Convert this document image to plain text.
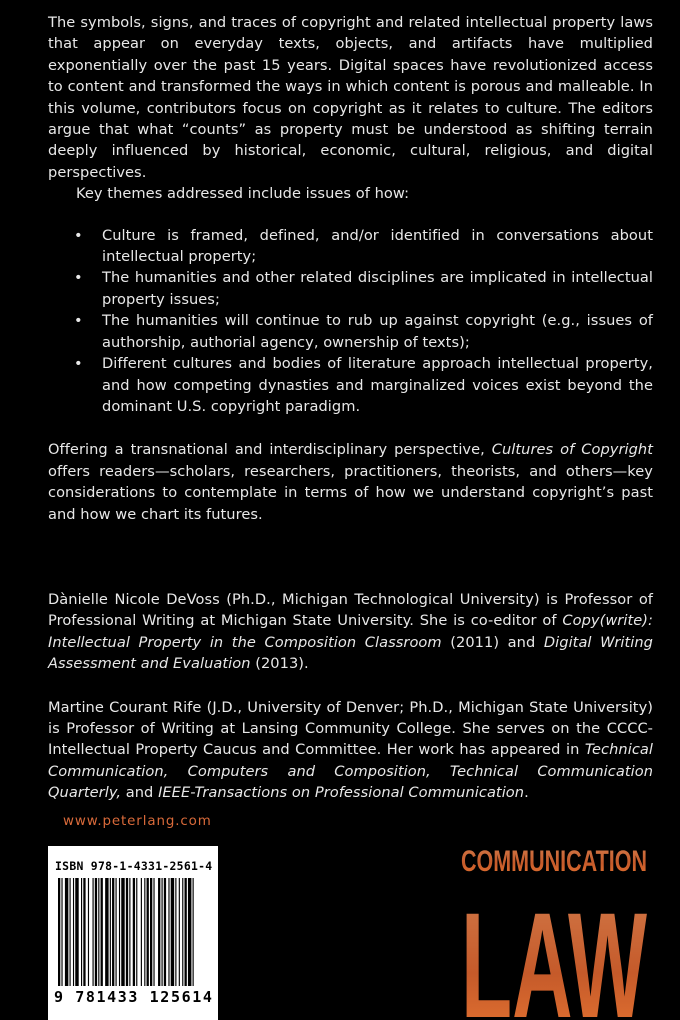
The symbols, signs, and traces of copyright and related intellectual property laws that appear on everyday texts, objects, and artifacts have multiplied exponentially over the past 15 years. Digital spaces have revolutionized access to content and transformed the ways in which content is porous and malleable. In this volume, contributors focus on copyright as it relates to culture. The editors argue that what “counts” as property must be understood as shifting terrain deeply influenced by historical, economic, cultural, religious, and digital perspectives.

Key themes addressed include issues of how:

• Culture is framed, defined, and/or identified in conversations about intellectual property;
• The humanities and other related disciplines are implicated in intellectual property issues;
• The humanities will continue to rub up against copyright (e.g., issues of authorship, authorial agency, ownership of texts);
• Different cultures and bodies of literature approach intellectual property, and how competing dynasties and marginalized voices exist beyond the dominant U.S. copyright paradigm.

Offering a transnational and interdisciplinary perspective, Cultures of Copyright offers readers—scholars, researchers, practitioners, theorists, and others—key considerations to contemplate in terms of how we understand copyright’s past and how we chart its futures.

Dànielle Nicole DeVoss (Ph.D., Michigan Technological University) is Professor of Professional Writing at Michigan State University. She is co-editor of Copy(write): Intellectual Property in the Composition Classroom (2011) and Digital Writing Assessment and Evaluation (2013).

Martine Courant Rife (J.D., University of Denver; Ph.D., Michigan State University) is Professor of Writing at Lansing Community College. She serves on the CCCC-Intellectual Property Caucus and Committee. Her work has appeared in Technical Communication, Computers and Composition, Technical Communication Quarterly, and IEEE-Transactions on Professional Communication.

www.peterlang.com
ISBN 978-1-4331-2561-4
9 781433 125614
COMMUNICATION
LAW
